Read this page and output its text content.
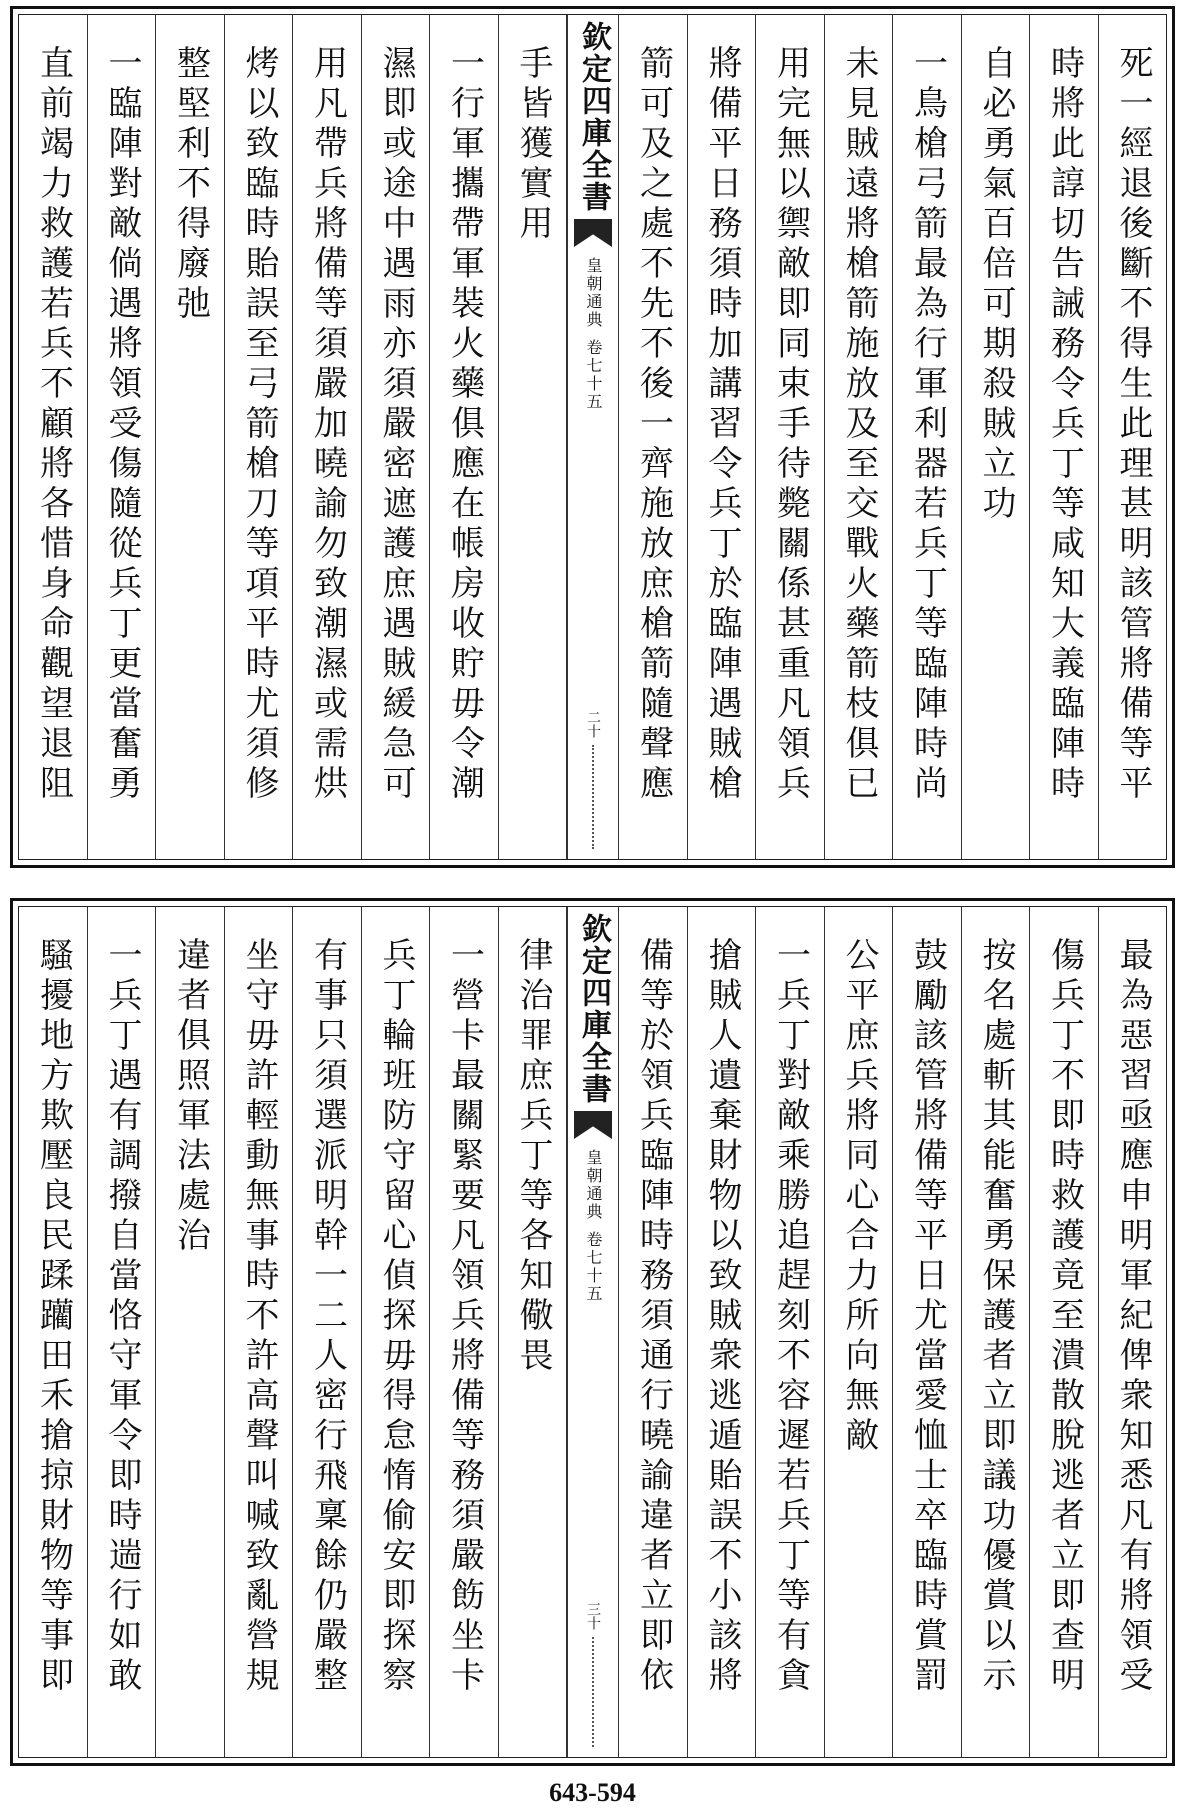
死一經退後斷不得生此理甚明該管將備等平
時將此諄切告誡務令兵丁等咸知大義臨陣時
自必勇氣百倍可期殺賊立功
一鳥槍弓箭最為行軍利器若兵丁等臨陣時尚
未見賊遠將槍箭施放及至交戰火藥箭枝俱已
用完無以禦敵即同束手待斃關係甚重凡領兵
將備平日務須時加講習令兵丁於臨陣遇賊槍
箭可及之處不先不後一齊施放庶槍箭隨聲應
欽定四庫全書
皇朝通典
卷七十五
二十
手皆獲實用
一行軍攜帶軍裝火藥俱應在帳房收貯毋令潮
濕即或途中遇雨亦須嚴密遮護庶遇賊緩急可
用凡帶兵將備等須嚴加曉諭勿致潮濕或需烘
烤以致臨時貽誤至弓箭槍刀等項平時尤須修
整堅利不得廢弛
一臨陣對敵倘遇將領受傷隨從兵丁更當奮勇
直前竭力救護若兵不顧將各惜身命觀望退阻
最為惡習亟應申明軍紀俾衆知悉凡有將領受
傷兵丁不即時救護竟至潰散脫逃者立即查明
按名處斬其能奮勇保護者立即議功優賞以示
鼓勵該管將備等平日尤當愛恤士卒臨時賞罰
公平庶兵將同心合力所向無敵
一兵丁對敵乘勝追趕刻不容遲若兵丁等有貪
搶賊人遺棄財物以致賊衆逃遁貽誤不小該將
備等於領兵臨陣時務須通行曉諭違者立即依
欽定四庫全書
皇朝通典
卷七十五
三十
律治罪庶兵丁等各知儆畏
一營卡最關緊要凡領兵將備等務須嚴飭坐卡
兵丁輪班防守留心偵探毋得怠惰偷安即探察
有事只須選派明幹一二人密行飛稟餘仍嚴整
坐守毋許輕動無事時不許高聲叫喊致亂營規
違者俱照軍法處治
一兵丁遇有調撥自當恪守軍令即時遄行如敢
騷擾地方欺壓良民蹂躪田禾搶掠財物等事即
643-594
